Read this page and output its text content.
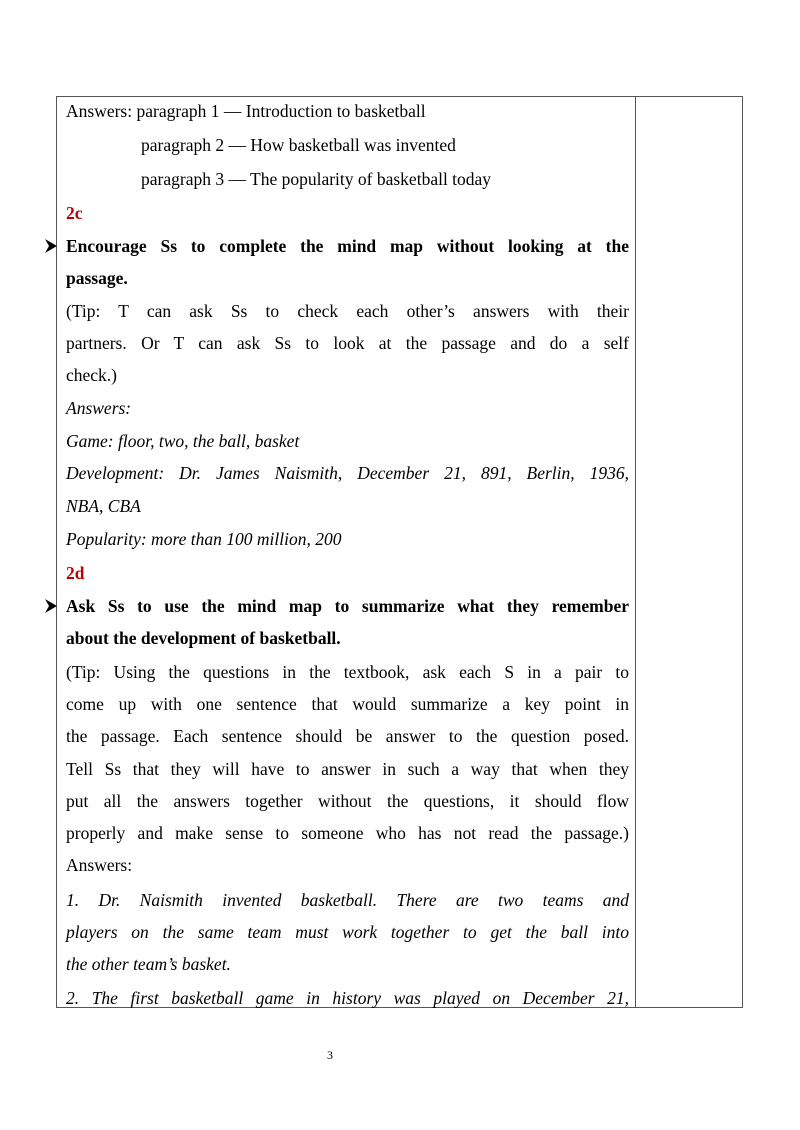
Answers: paragraph 1 — Introduction to basketball
paragraph 2 — How basketball was invented
paragraph 3 — The popularity of basketball today
2c
Encourage Ss to complete the mind map without looking at the
passage.
(Tip: T can ask Ss to check each other’s answers with their
partners. Or T can ask Ss to look at the passage and do a self
check.)
Answers:
Game: floor, two, the ball, basket
Development: Dr. James Naismith, December 21, 891, Berlin, 1936,
NBA, CBA
Popularity: more than 100 million, 200
2d
Ask Ss to use the mind map to summarize what they remember
about the development of basketball.
(Tip: Using the questions in the textbook, ask each S in a pair to
come up with one sentence that would summarize a key point in
the passage. Each sentence should be answer to the question posed.
Tell Ss that they will have to answer in such a way that when they
put all the answers together without the questions, it should flow
properly and make sense to someone who has not read the passage.)
Answers:
1. Dr. Naismith invented basketball. There are two teams and
players on the same team must work together to get the ball into
the other team’s basket.
2. The first basketball game in history was played on December 21,
3
